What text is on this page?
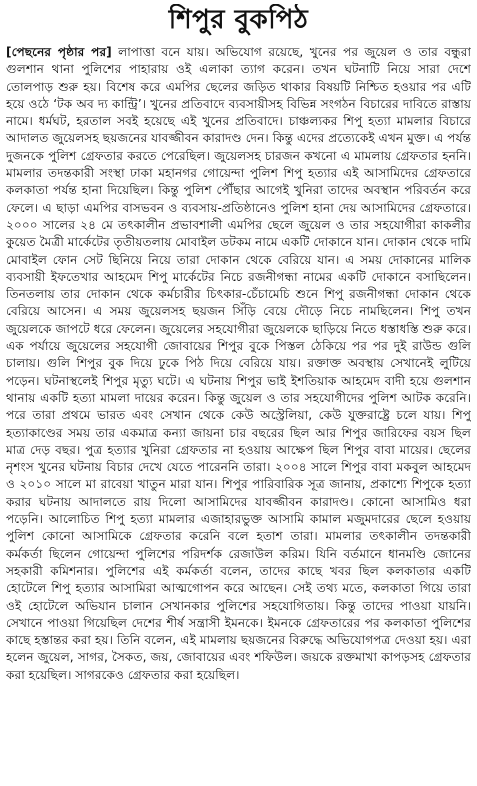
শিপুর বুকপিঠ

[পেছনের পৃষ্ঠার পর] লাপাত্তা বনে যায়। অভিযোগ রয়েছে, খুনের পর জুয়েল ও তার বন্ধুরা গুলশান থানা পুলিশের পাহারায় ওই এলাকা ত্যাগ করেন। তখন ঘটনাটি নিয়ে সারা দেশে তোলপাড় শুরু হয়। বিশেষ করে এমপির ছেলের জড়িত থাকার বিষয়টি নিশ্চিত হওয়ার পর এটি হয়ে ওঠে ‘টক অব দ্য কান্ট্রি’। খুনের প্রতিবাদে ব্যবসায়ীসহ বিভিন্ন সংগঠন বিচারের দাবিতে রাস্তায় নামে। ধর্মঘট, হরতাল সবই হয়েছে এই খুনের প্রতিবাদে। চাঞ্চল্যকর শিপু হত্যা মামলার বিচারে আদালত জুয়েলসহ ছয়জনের যাবজ্জীবন কারাদণ্ড দেন। কিন্তু এদের প্রত্যেকেই এখন মুক্ত। এ পর্যন্ত দুজনকে পুলিশ গ্রেফতার করতে পেরেছিল। জুয়েলসহ চারজন কখনো এ মামলায় গ্রেফতার হননি। মামলার তদন্তকারী সংস্থা ঢাকা মহানগর গোয়েন্দা পুলিশ শিপু হত্যার এই আসামিদের গ্রেফতারে কলকাতা পর্যন্ত হানা দিয়েছিল। কিন্তু পুলিশ পৌঁছার আগেই খুনিরা তাদের অবস্থান পরিবর্তন করে ফেলে। এ ছাড়া এমপির বাসভবন ও ব্যবসায়-প্রতিষ্ঠানেও পুলিশ হানা দেয় আসামিদের গ্রেফতারে। ২০০০ সালের ২৪ মে তৎকালীন প্রভাবশালী এমপির ছেলে জুয়েল ও তার সহযোগীরা কাকলীর কুয়েত মৈত্রী মার্কেটের তৃতীয়তলায় মোবাইল ডটকম নামে একটি দোকানে যান। দোকান থেকে দামি মোবাইল ফোন সেট ছিনিয়ে নিয়ে তারা দোকান থেকে বেরিয়ে যান। এ সময় দোকানের মালিক ব্যবসায়ী ইফতেখার আহমেদ শিপু মার্কেটের নিচে রজনীগন্ধা নামের একটি দোকানে বসাছিলেন। তিনতলায় তার দোকান থেকে কর্মচারীর চিৎকার-চেঁচামেচি শুনে শিপু রজনীগন্ধা দোকান থেকে বেরিয়ে আসেন। এ সময় জুয়েলসহ ছয়জন সিঁড়ি বেয়ে দৌড়ে নিচে নামছিলেন। শিপু তখন জুয়েলকে জাপটে ধরে ফেলেন। জুয়েলের সহযোগীরা জুয়েলকে ছাড়িয়ে নিতে ধস্তাধস্তি শুরু করে। এক পর্যায়ে জুয়েলের সহযোগী জোবায়ের শিপুর বুকে পিস্তল ঠেকিয়ে পর পর দুই রাউন্ড গুলি চালায়। গুলি শিপুর বুক দিয়ে ঢুকে পিঠ দিয়ে বেরিয়ে যায়। রক্তাক্ত অবস্থায় সেখানেই লুটিয়ে পড়েন। ঘটনাস্থলেই শিপুর মৃত্যু ঘটে। এ ঘটনায় শিপুর ভাই ইশতিয়াক আহমেদ বাদী হয়ে গুলশান থানায় একটি হত্যা মামলা দায়ের করেন। কিন্তু জুয়েল ও তার সহযোগীদের পুলিশ আটক করেনি। পরে তারা প্রথমে ভারত এবং সেখান থেকে কেউ অস্ট্রেলিয়া, কেউ যুক্তরাষ্ট্রে চলে যায়। শিপু হত্যাকাণ্ডের সময় তার একমাত্র কন্যা জায়না চার বছরের ছিল আর শিপুর জারিফের বয়স ছিল মাত্র দেড় বছর। পুত্র হত্যার খুনিরা গ্রেফতার না হওয়ায় আক্ষেপ ছিল শিপুর বাবা মায়ের। ছেলের নৃশংস খুনের ঘটনায় বিচার দেখে যেতে পারেননি তারা। ২০০৪ সালে শিপুর বাবা মকবুল আহমেদ ও ২০১০ সালে মা রাবেয়া খাতুন মারা যান। শিপুর পারিবারিক সূত্র জানায়, প্রকাশ্যে শিপুকে হত্যা করার ঘটনায় আদালতে রায় দিলো আসামিদের যাবজ্জীবন কারাদণ্ড। কোনো আসামিও ধরা পড়েনি। আলোচিত শিপু হত্যা মামলার এজাহারভুক্ত আসামি কামাল মজুমদারের ছেলে হওয়ায় পুলিশ কোনো আসামিকে গ্রেফতার করেনি বলে হতাশ তারা। মামলার তৎকালীন তদন্তকারী কর্মকর্তা ছিলেন গোয়েন্দা পুলিশের পরিদর্শক রেজাউল করিম। যিনি বর্তমানে ধানমণ্ডি জোনের সহকারী কমিশনার। পুলিশের এই কর্মকর্তা বলেন, তাদের কাছে খবর ছিল কলকাতার একটি হোটেলে শিপু হত্যার আসামিরা আত্মগোপন করে আছেন। সেই তথ্য মতে, কলকাতা গিয়ে তারা ওই হোটেলে অভিযান চালান সেখানকার পুলিশের সহযোগিতায়। কিন্তু তাদের পাওয়া যায়নি। সেখানে পাওয়া গিয়েছিল দেশের শীর্ষ সন্ত্রাসী ইমনকে। ইমনকে গ্রেফতারের পর কলকাতা পুলিশের কাছে হস্তান্তর করা হয়। তিনি বলেন, এই মামলায় ছয়জনের বিরুদ্ধে অভিযোগপত্র দেওয়া হয়। এরা হলেন জুয়েল, সাগর, সৈকত, জয়, জোবায়ের এবং শফিউল। জয়কে রক্তমাখা কাপড়সহ গ্রেফতার করা হয়েছিল। সাগরকেও গ্রেফতার করা হয়েছিল।
